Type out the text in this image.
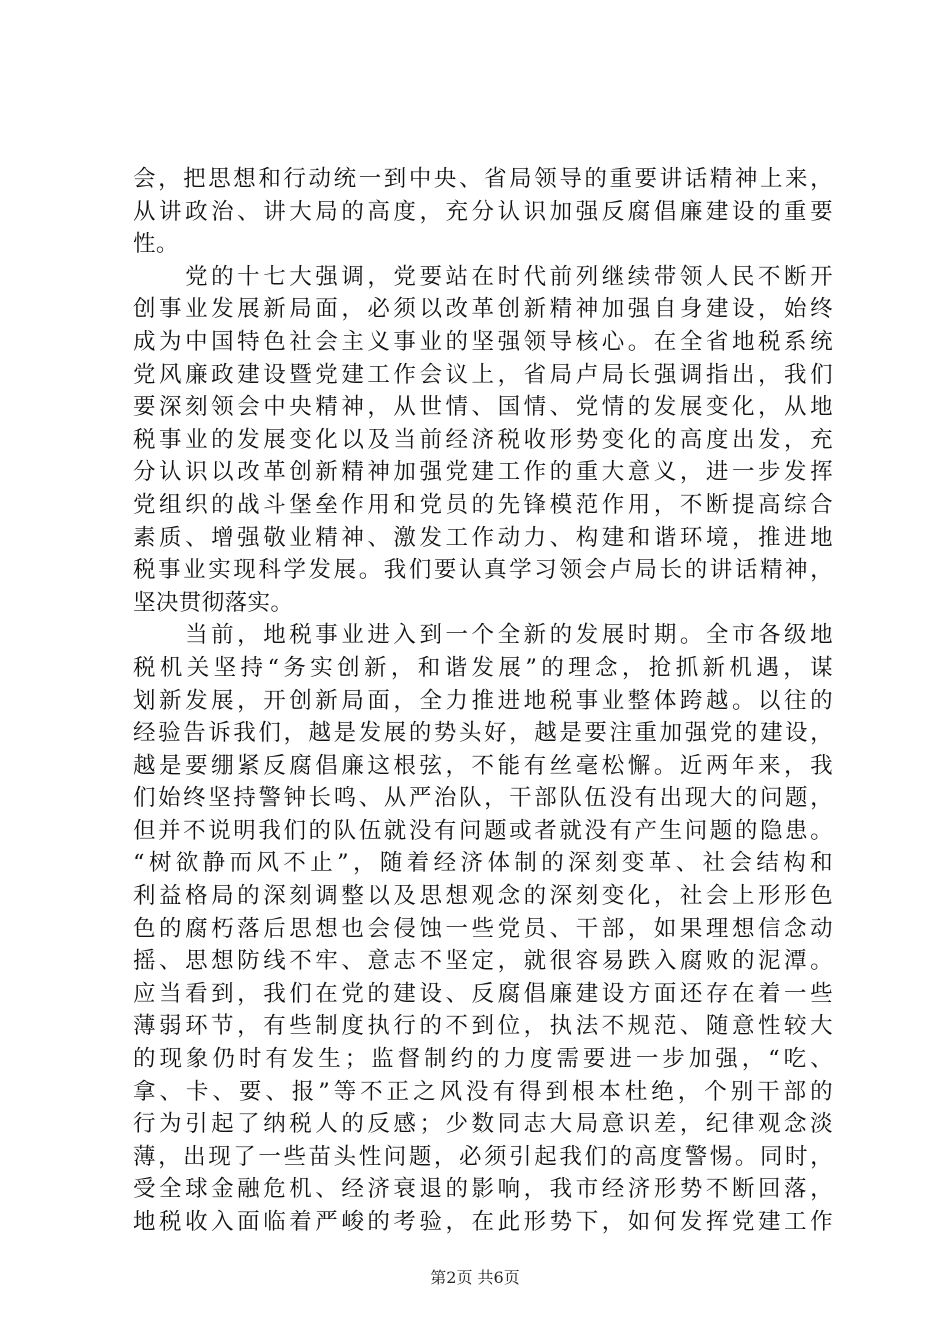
会，把思想和行动统一到中央、省局领导的重要讲话精神上来，
从讲政治、讲大局的高度，充分认识加强反腐倡廉建设的重要
性。
　　党的十七大强调，党要站在时代前列继续带领人民不断开
创事业发展新局面，必须以改革创新精神加强自身建设，始终
成为中国特色社会主义事业的坚强领导核心。在全省地税系统
党风廉政建设暨党建工作会议上，省局卢局长强调指出，我们
要深刻领会中央精神，从世情、国情、党情的发展变化，从地
税事业的发展变化以及当前经济税收形势变化的高度出发，充
分认识以改革创新精神加强党建工作的重大意义，进一步发挥
党组织的战斗堡垒作用和党员的先锋模范作用，不断提高综合
素质、增强敬业精神、激发工作动力、构建和谐环境，推进地
税事业实现科学发展。我们要认真学习领会卢局长的讲话精神，
坚决贯彻落实。
　　当前，地税事业进入到一个全新的发展时期。全市各级地
税机关坚持“务实创新，和谐发展”的理念，抢抓新机遇，谋
划新发展，开创新局面，全力推进地税事业整体跨越。以往的
经验告诉我们，越是发展的势头好，越是要注重加强党的建设，
越是要绷紧反腐倡廉这根弦，不能有丝毫松懈。近两年来，我
们始终坚持警钟长鸣、从严治队，干部队伍没有出现大的问题，
但并不说明我们的队伍就没有问题或者就没有产生问题的隐患。
“树欲静而风不止”，随着经济体制的深刻变革、社会结构和
利益格局的深刻调整以及思想观念的深刻变化，社会上形形色
色的腐朽落后思想也会侵蚀一些党员、干部，如果理想信念动
摇、思想防线不牢、意志不坚定，就很容易跌入腐败的泥潭。
应当看到，我们在党的建设、反腐倡廉建设方面还存在着一些
薄弱环节，有些制度执行的不到位，执法不规范、随意性较大
的现象仍时有发生；监督制约的力度需要进一步加强，“吃、
拿、卡、要、报”等不正之风没有得到根本杜绝，个别干部的
行为引起了纳税人的反感；少数同志大局意识差，纪律观念淡
薄，出现了一些苗头性问题，必须引起我们的高度警惕。同时，
受全球金融危机、经济衰退的影响，我市经济形势不断回落，
地税收入面临着严峻的考验，在此形势下，如何发挥党建工作
第2页 共6页
